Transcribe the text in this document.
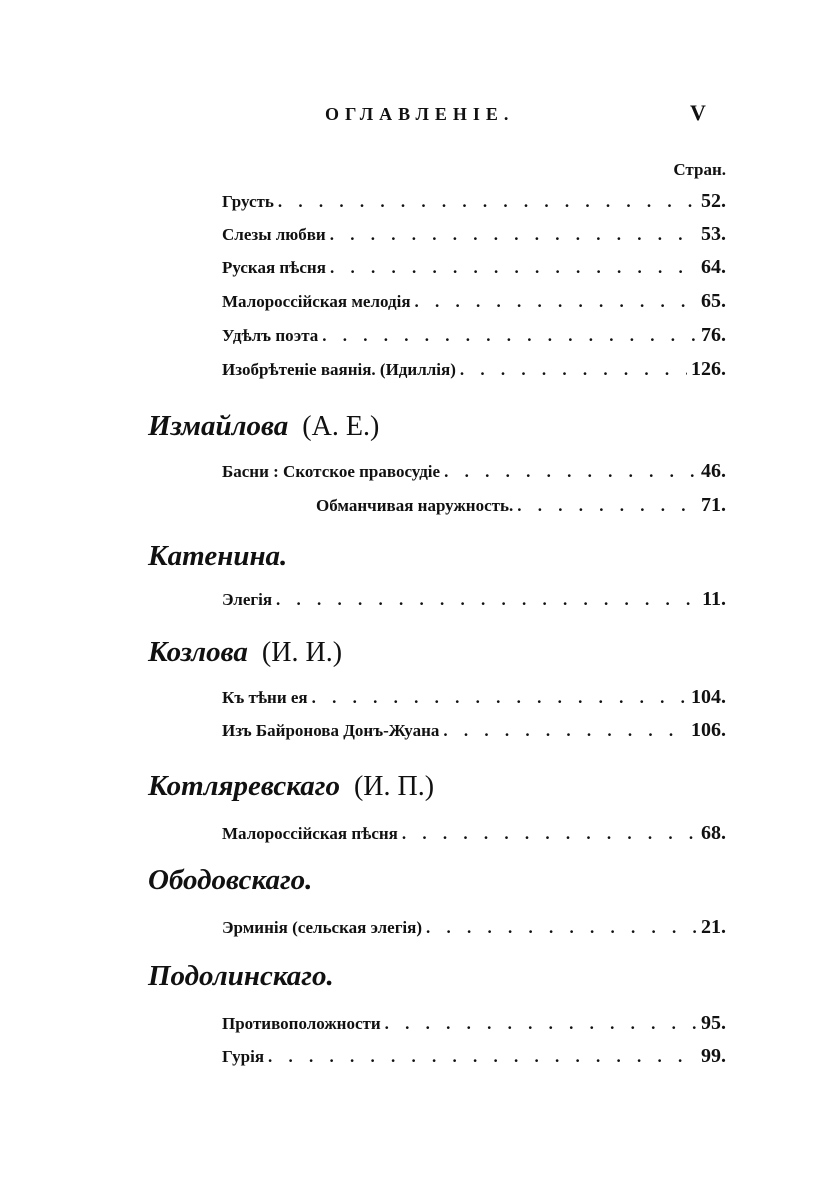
ОГЛАВЛЕНІЕ.	V
Стран.
Грусть . . .	52.
Слезы любви . . .	53.
Руская пѣсня . . .	64.
Малороссійская мелодія . . .	65.
Удѣлъ поэта . . .	76.
Изобрѣтеніе ваянія. (Идиллія) . . .	126.
Измайлова (А. Е.)
Басни : Скотское правосудіе . . .	46.
Обманчивая наружность. . . .	71.
Катенина.
Элегія . . .	11.
Козлова (И. И.)
Къ тѣни ея . . .	104.
Изъ Байронова Донъ-Жуана . . .	106.
Котляревскаго (И. П.)
Малороссійская пѣсня . . .	68.
Ободовскаго.
Эрминія (сельская элегія) . . .	21.
Подолинскаго.
Противоположности . . .	95.
Гурія . . .	99.
